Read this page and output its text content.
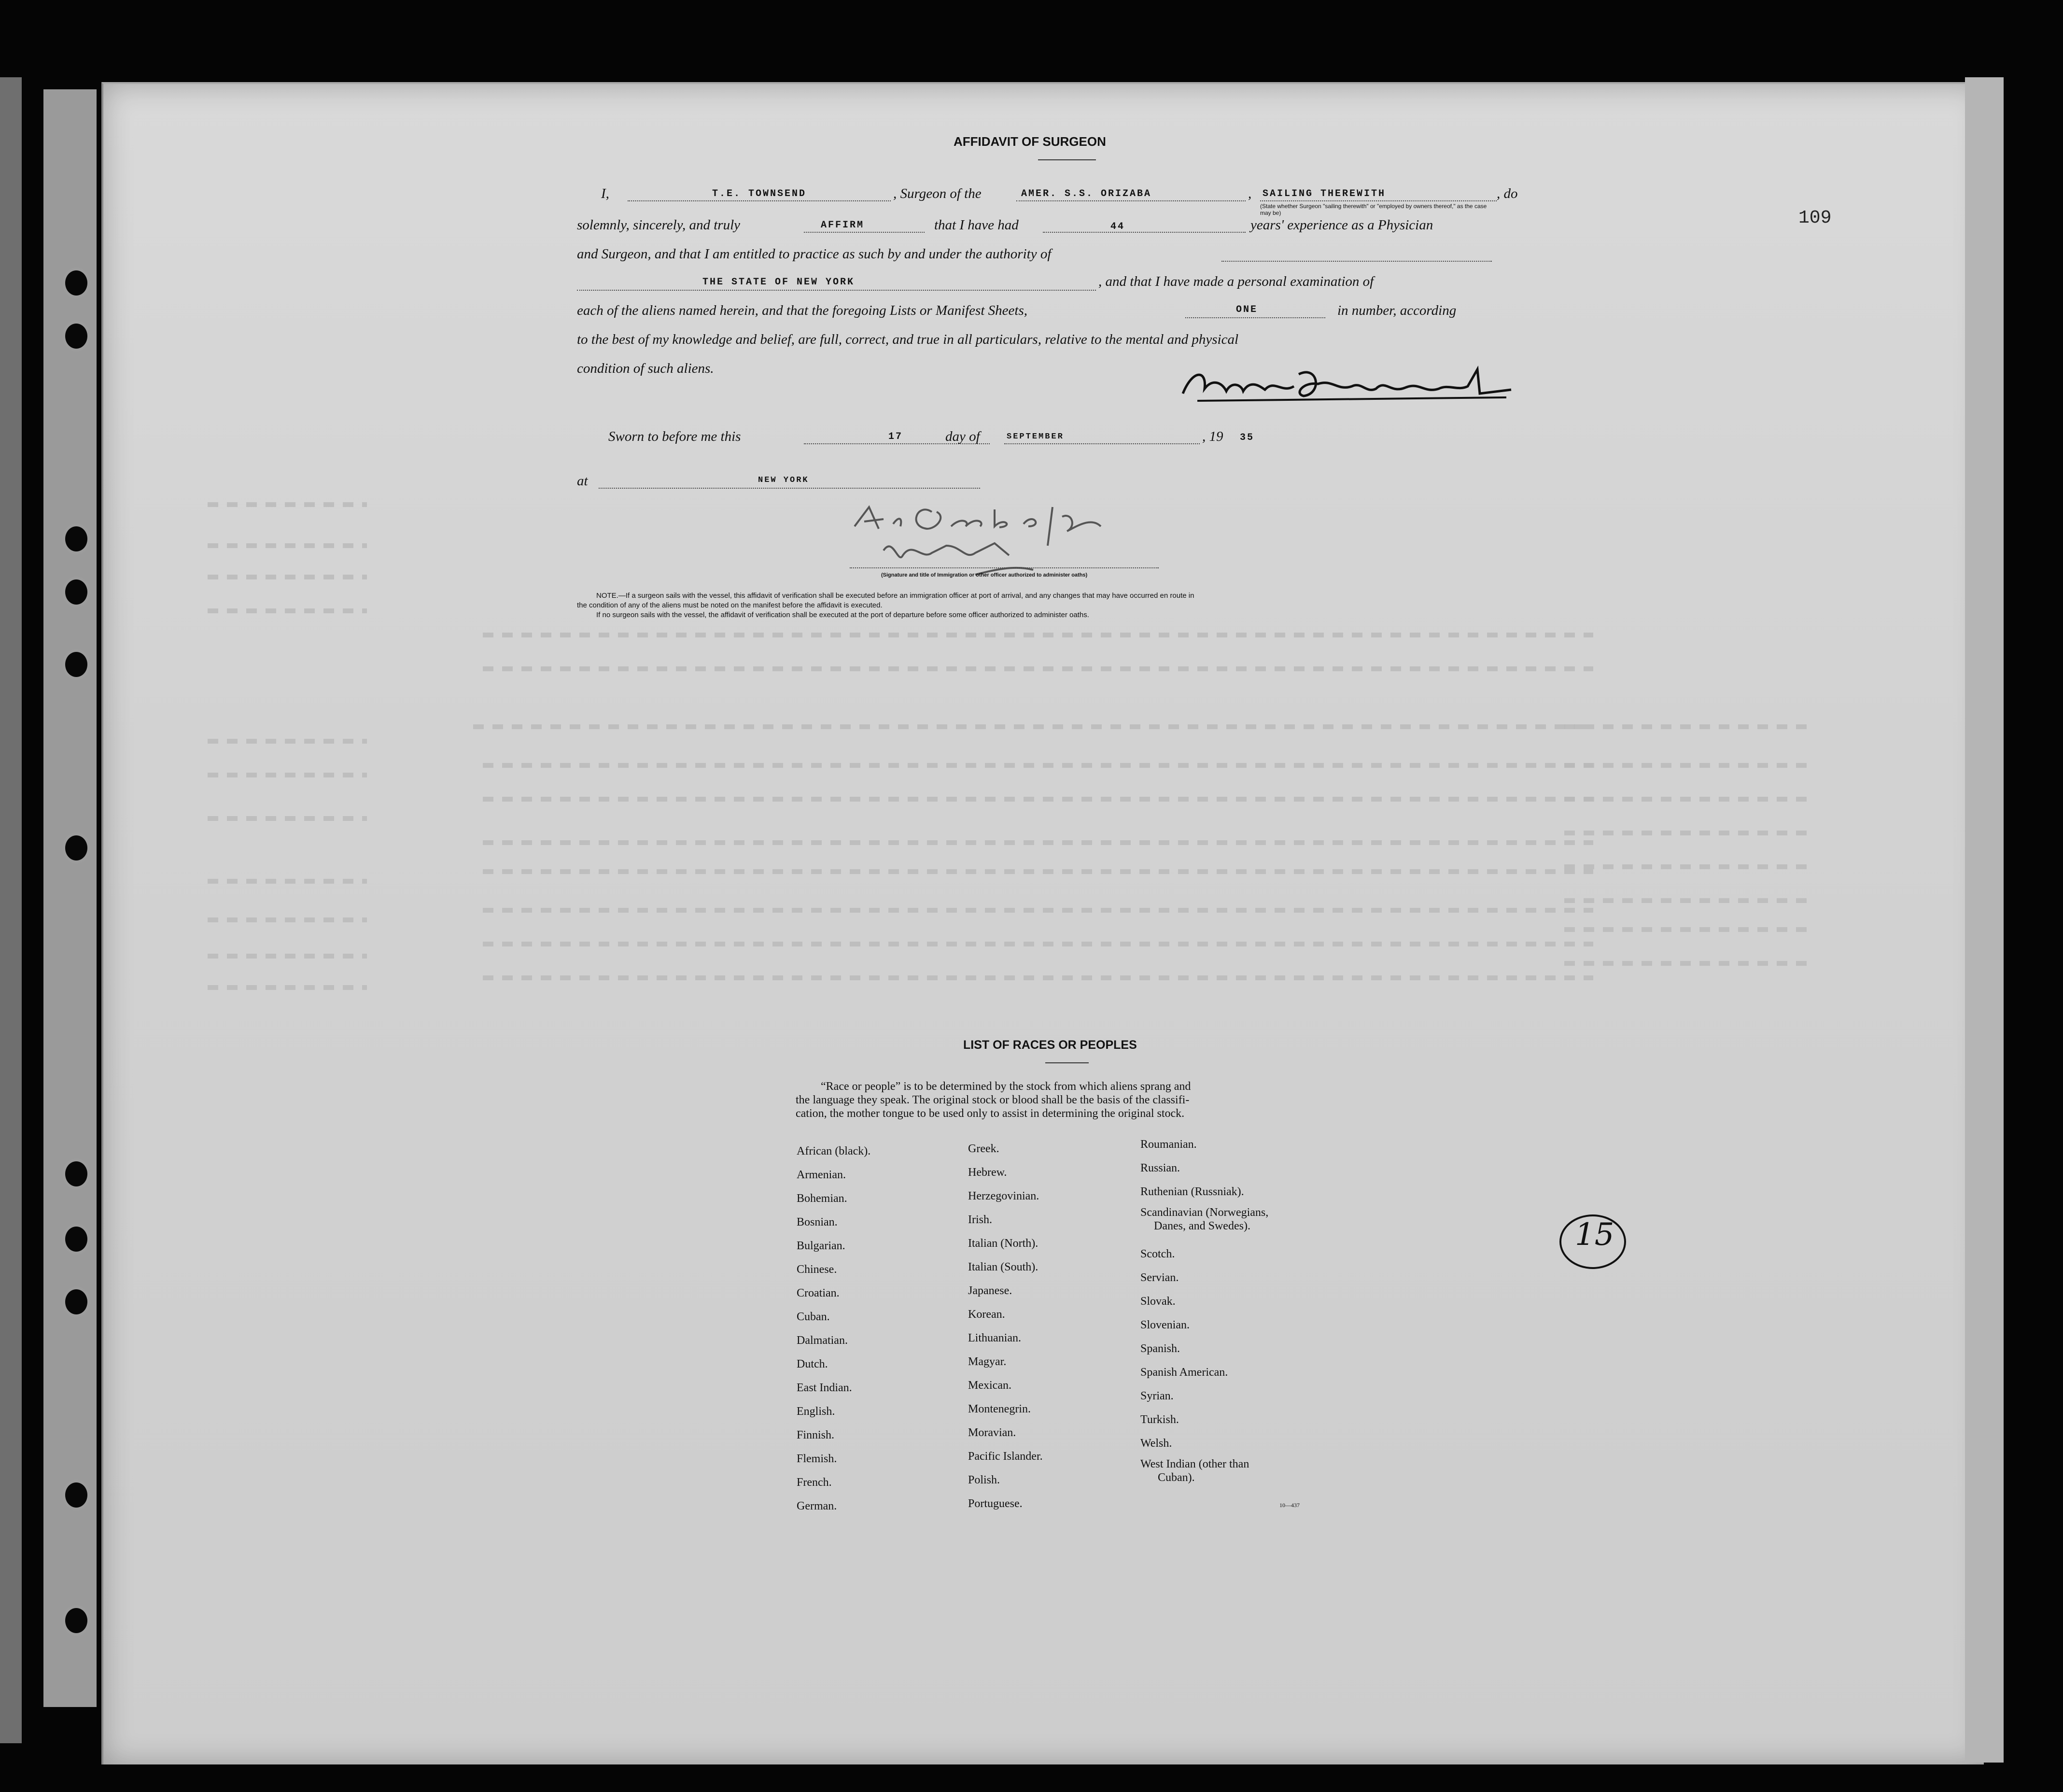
109
AFFIDAVIT OF SURGEON
I,	T.E. TOWNSEND	, Surgeon of the	AMER. S.S. ORIZABA	, SAILING THEREWITH	, do
(State whether Surgeon "sailing therewith" or "employed by owners thereof," as the case may be)
solemnly, sincerely, and truly	AFFIRM	that I have had	44	years' experience as a Physician
and Surgeon, and that I am entitled to practice as such by and under the authority of
THE STATE OF NEW YORK	, and that I have made a personal examination of
each of the aliens named herein, and that the foregoing Lists or Manifest Sheets,	ONE	in number, according
to the best of my knowledge and belief, are full, correct, and true in all particulars, relative to the mental and physical
condition of such aliens.
Sworn to before me this	17	day of	SEPTEMBER	, 19 35
at	NEW YORK
(Signature and title of Immigration or other officer authorized to administer oaths)
NOTE.—If a surgeon sails with the vessel, this affidavit of verification shall be executed before an immigration officer at port of arrival, and any changes that may have occurred en route in
the condition of any of the aliens must be noted on the manifest before the affidavit is executed.
If no surgeon sails with the vessel, the affidavit of verification shall be executed at the port of departure before some officer authorized to administer oaths.
LIST OF RACES OR PEOPLES
“Race or people” is to be determined by the stock from which aliens sprang and
the language they speak. The original stock or blood shall be the basis of the classifi-
cation, the mother tongue to be used only to assist in determining the original stock.
African (black).
Armenian.
Bohemian.
Bosnian.
Bulgarian.
Chinese.
Croatian.
Cuban.
Dalmatian.
Dutch.
East Indian.
English.
Finnish.
Flemish.
French.
German.
Greek.
Hebrew.
Herzegovinian.
Irish.
Italian (North).
Italian (South).
Japanese.
Korean.
Lithuanian.
Magyar.
Mexican.
Montenegrin.
Moravian.
Pacific Islander.
Polish.
Portuguese.
Roumanian.
Russian.
Ruthenian (Russniak).
Scandinavian (Norwegians,
Danes, and Swedes).
Scotch.
Servian.
Slovak.
Slovenian.
Spanish.
Spanish American.
Syrian.
Turkish.
Welsh.
West Indian (other than
Cuban).
10—437
15
